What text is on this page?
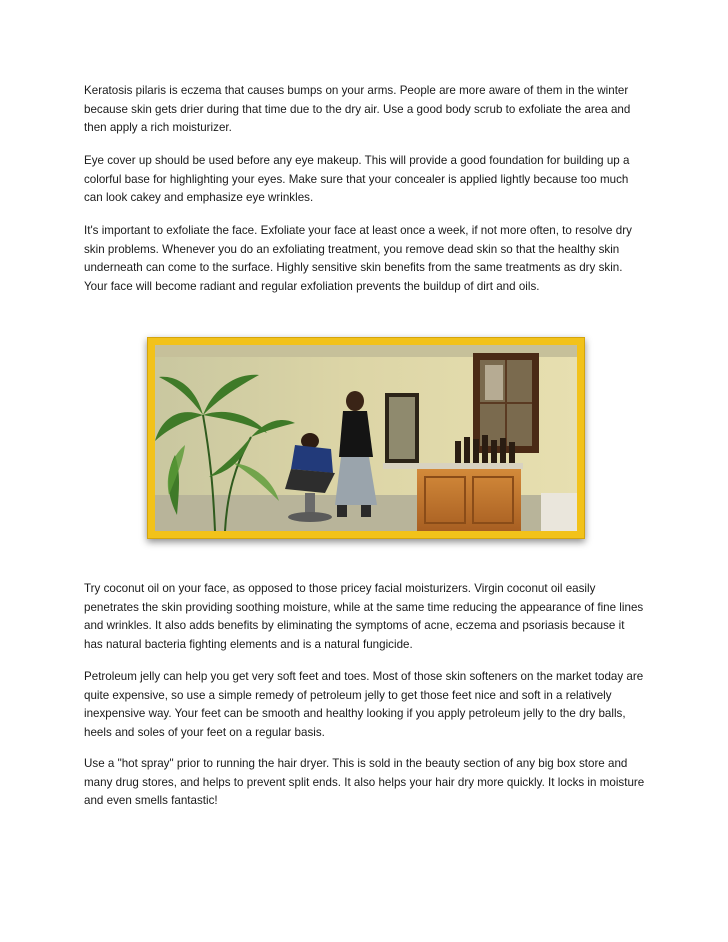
Keratosis pilaris is eczema that causes bumps on your arms. People are more aware of them in the winter because skin gets drier during that time due to the dry air. Use a good body scrub to exfoliate the area and then apply a rich moisturizer.

Eye cover up should be used before any eye makeup. This will provide a good foundation for building up a colorful base for highlighting your eyes. Make sure that your concealer is applied lightly because too much can look cakey and emphasize eye wrinkles.

It's important to exfoliate the face. Exfoliate your face at least once a week, if not more often, to resolve dry skin problems. Whenever you do an exfoliating treatment, you remove dead skin so that the healthy skin underneath can come to the surface. Highly sensitive skin benefits from the same treatments as dry skin. Your face will become radiant and regular exfoliation prevents the buildup of dirt and oils.

Try coconut oil on your face, as opposed to those pricey facial moisturizers. Virgin coconut oil easily penetrates the skin providing soothing moisture, while at the same time reducing the appearance of fine lines and wrinkles. It also adds benefits by eliminating the symptoms of acne, eczema and psoriasis because it has natural bacteria fighting elements and is a natural fungicide.

Petroleum jelly can help you get very soft feet and toes. Most of those skin softeners on the market today are quite expensive, so use a simple remedy of petroleum jelly to get those feet nice and soft in a relatively inexpensive way. Your feet can be smooth and healthy looking if you apply petroleum jelly to the dry balls, heels and soles of your feet on a regular basis.

Use a "hot spray" prior to running the hair dryer. This is sold in the beauty section of any big box store and many drug stores, and helps to prevent split ends. It also helps your hair dry more quickly. It locks in moisture and even smells fantastic!
